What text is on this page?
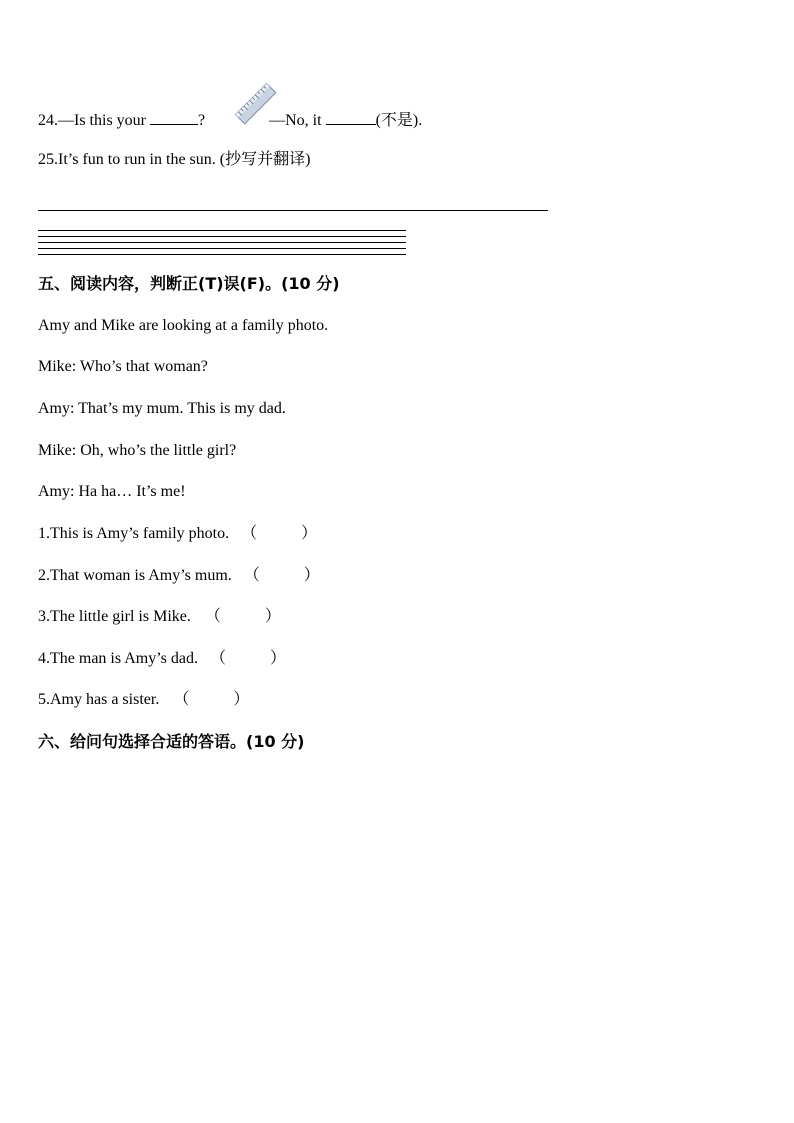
24.—Is this your	?	—No, it	(不是).
25.It’s fun to run in the sun. (抄写并翻译)
五、阅读内容，判断正(T)误(F)。(10 分)
Amy and Mike are looking at a family photo.
Mike: Who’s that woman?
Amy: That’s my mum. This is my dad.
Mike: Oh, who’s the little girl?
Amy: Ha ha… It’s me!
1.This is Amy’s family photo. （	）
2.That woman is Amy’s mum. （	）
3.The little girl is Mike. （	）
4.The man is Amy’s dad. （	）
5.Amy has a sister. （	）
六、给问句选择合适的答语。(10 分)
